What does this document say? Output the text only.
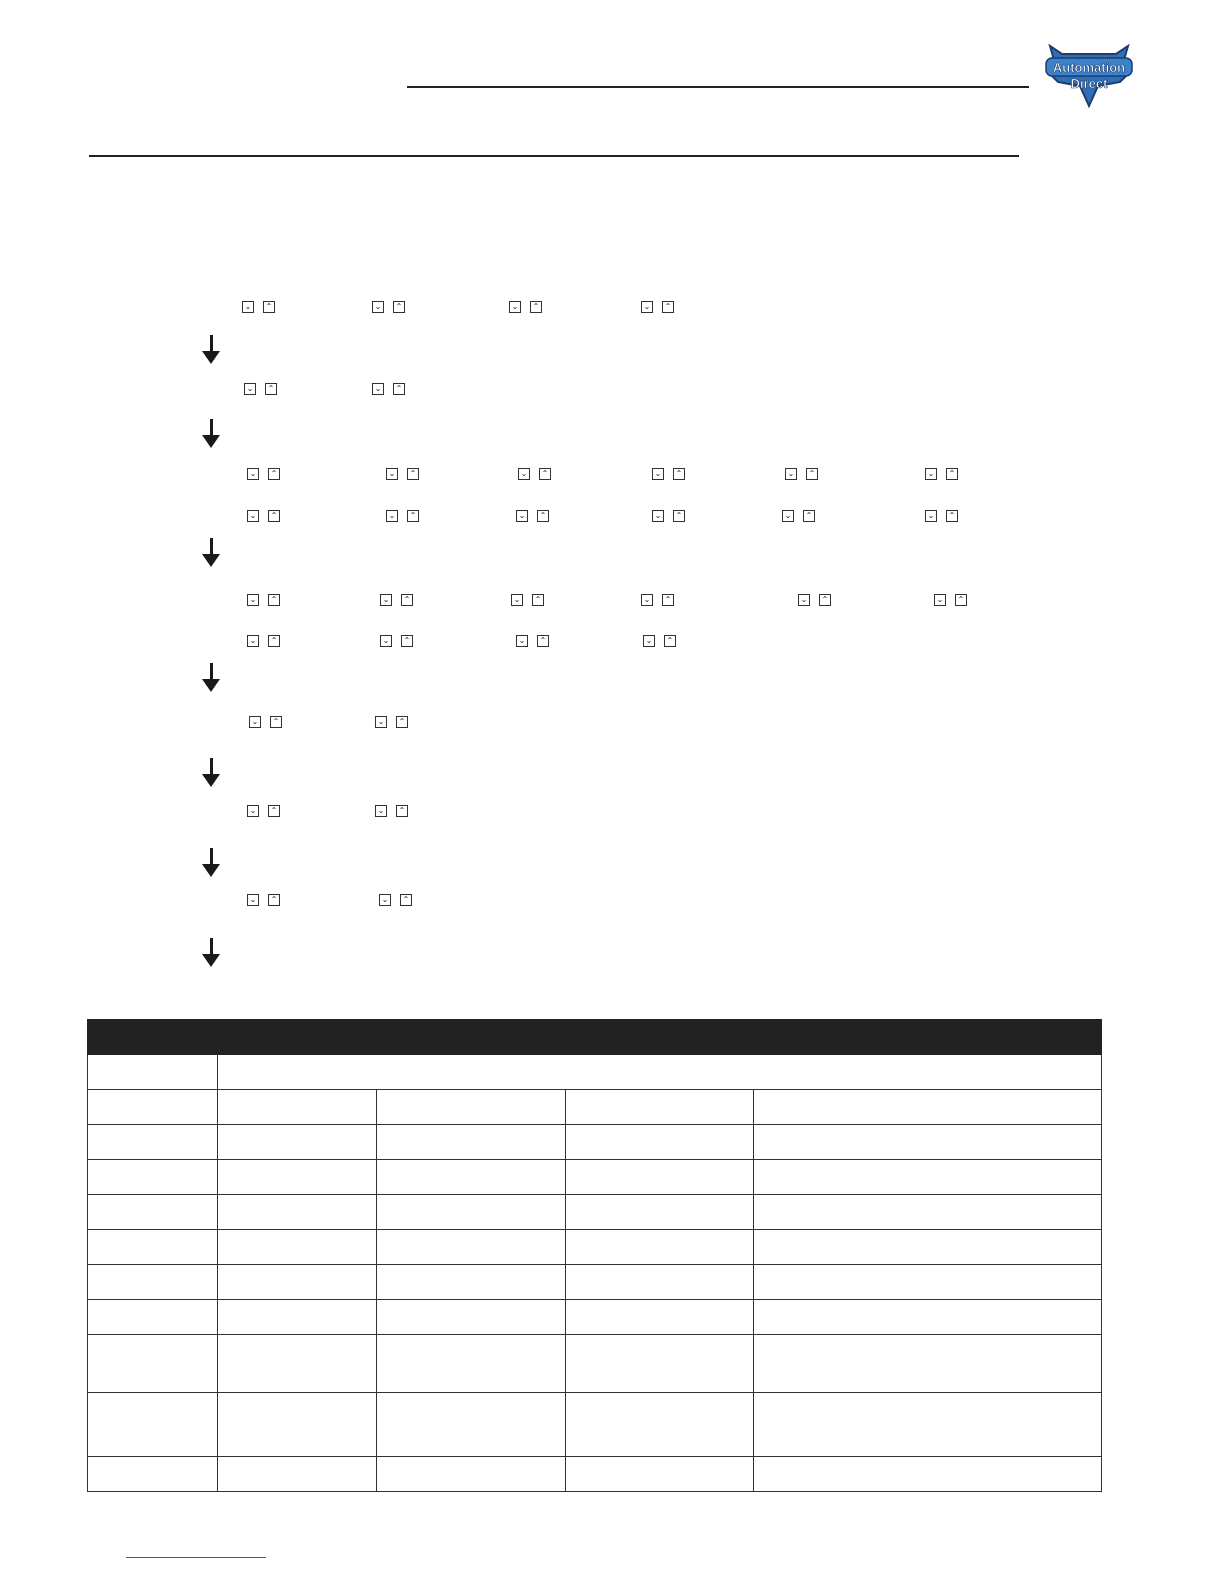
Automation
Direct
⌄	⌃	⌄	⌃	⌄	⌃	⌄	⌃
⌄	⌃	⌄	⌃
⌄	⌃	⌄	⌃	⌄	⌃	⌄	⌃	⌄	⌃	⌄	⌃
⌄	⌃	⌄	⌃	⌄	⌃	⌄	⌃	⌄	⌃	⌄	⌃
⌄	⌃	⌄	⌃	⌄	⌃	⌄	⌃	⌄	⌃	⌄	⌃
⌄	⌃	⌄	⌃	⌄	⌃	⌄	⌃
⌄	⌃	⌄	⌃
⌄	⌃	⌄	⌃
⌄	⌃	⌄	⌃
